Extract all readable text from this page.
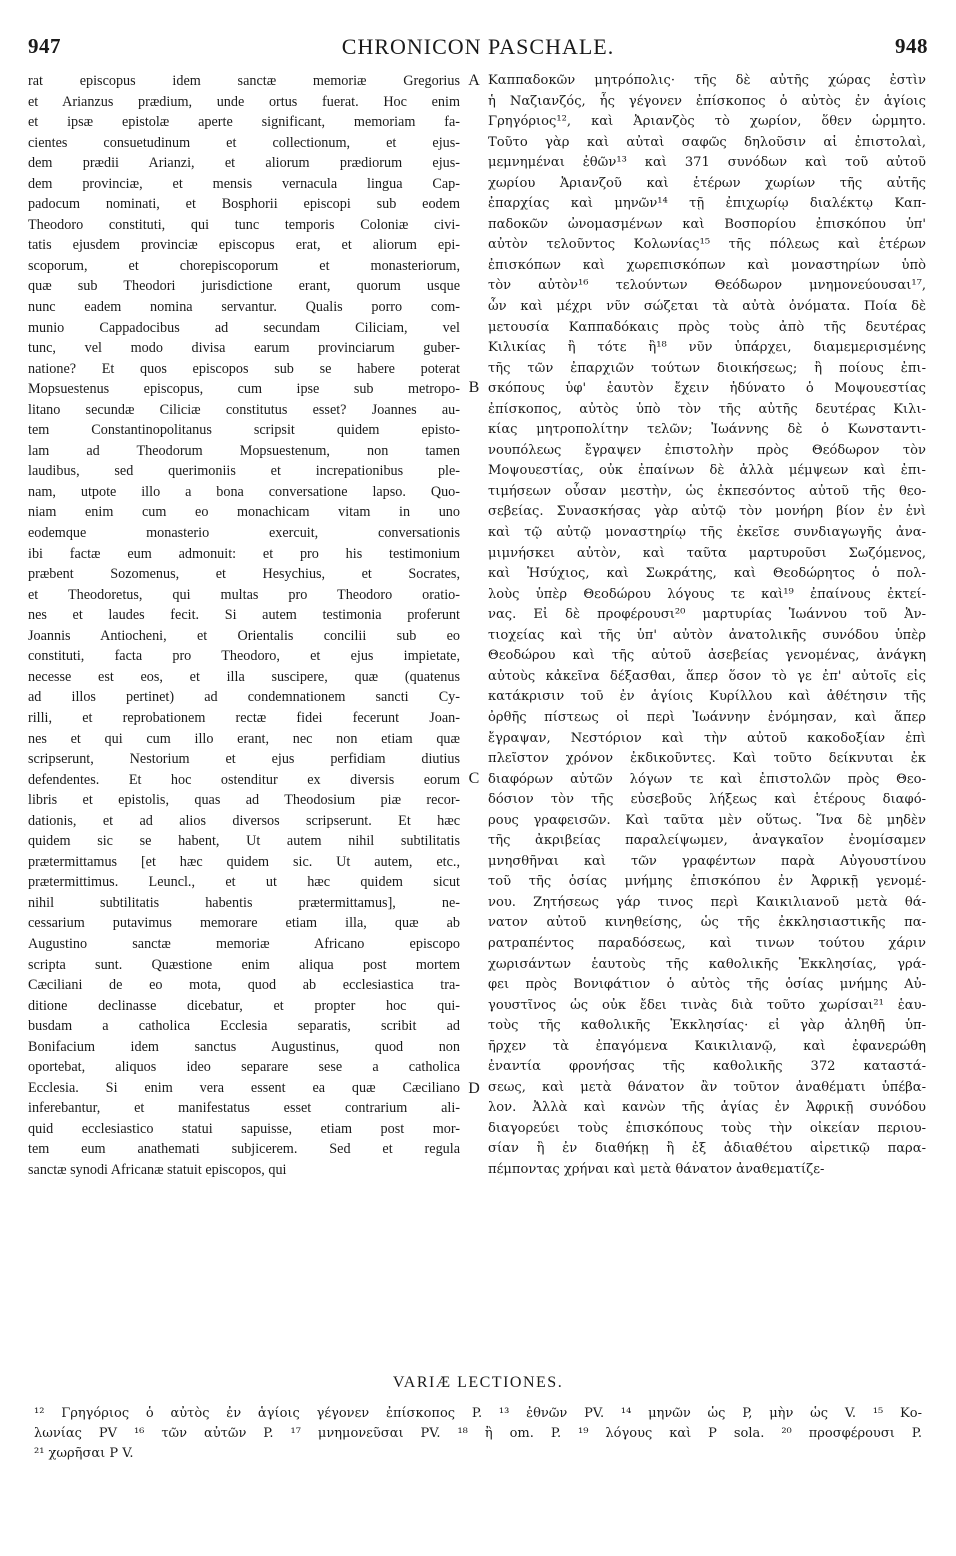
947	CHRONICON PASCHALE.	948
rat episcopus idem sanctæ memoriæ Gregorius
et Arianzus prædium, unde ortus fuerat. Hoc enim
et ipsæ epistolæ aperte significant, memoriam fa-
cientes consuetudinum et collectionum, et ejus-
dem prædii Arianzi, et aliorum prædiorum ejus-
dem provinciæ, et mensis vernacula lingua Cap-
padocum nominati, et Bosphorii episcopi sub eodem
Theodoro constituti, qui tunc temporis Coloniæ civi-
tatis ejusdem provinciæ episcopus erat, et aliorum epi-
scoporum, et chorepiscoporum et monasteriorum,
quæ sub Theodori jurisdictione erant, quorum usque
nunc eadem nomina servantur. Qualis porro com-
munio Cappadocibus ad secundam Ciliciam, vel
tunc, vel modo divisa earum provinciarum guber-
natione? Et quos episcopos sub se habere poterat
Mopsuestenus episcopus, cum ipse sub metropo-
litano secundæ Ciliciæ constitutus esset? Joannes au-
tem Constantinopolitanus scripsit quidem episto-
lam ad Theodorum Mopsuestenum, non tamen
laudibus, sed querimoniis et increpationibus ple-
nam, utpote illo a bona conversatione lapso. Quo-
niam enim cum eo monachicam vitam in uno
eodemque monasterio exercuit, conversationis
ibi factæ eum admonuit: et pro his testimonium
præbent Sozomenus, et Hesychius, et Socrates,
et Theodoretus, qui multas pro Theodoro oratio-
nes et laudes fecit. Si autem testimonia proferunt
Joannis Antiocheni, et Orientalis concilii sub eo
constituti, facta pro Theodoro, et ejus impietate,
necesse est eos, et illa suscipere, quæ (quatenus
ad illos pertinet) ad condemnationem sancti Cy-
rilli, et reprobationem rectæ fidei fecerunt Joan-
nes et qui cum illo erant, nec non etiam quæ
scripserunt, Nestorium et ejus perfidiam diutius
defendentes. Et hoc ostenditur ex diversis eorum
libris et epistolis, quas ad Theodosium piæ recor-
dationis, et ad alios diversos scripserunt. Et hæc
quidem sic se habent, Ut autem nihil subtilitatis
prætermittamus [et hæc quidem sic. Ut autem, etc.,
prætermittimus. Leuncl., et ut hæc quidem sicut
nihil subtilitatis habentis prætermittamus], ne-
cessarium putavimus memorare etiam illa, quæ ab
Augustino sanctæ memoriæ Africano episcopo
scripta sunt. Quæstione enim aliqua post mortem
Cæciliani de eo mota, quod ab ecclesiastica tra-
ditione declinasse dicebatur, et propter hoc qui-
busdam a catholica Ecclesia separatis, scribit ad
Bonifacium idem sanctus Augustinus, quod non
oportebat, aliquos ideo separare sese a catholica
Ecclesia. Si enim vera essent ea quæ Cæciliano
inferebantur, et manifestatus esset contrarium ali-
quid ecclesiastico statui sapuisse, etiam post mor-
tem eum anathemati subjicerem. Sed et regula
sanctæ synodi Africanæ statuit episcopos, qui
Καππαδοκῶν μητρόπολις· τῆς δὲ αὐτῆς χώρας ἐστὶν
ἡ Ναζιανζός, ἧς γέγονεν ἐπίσκοπος ὁ αὐτὸς ἐν ἁγίοις
Γρηγόριος¹², καὶ Ἀριανζὸς τὸ χωρίον, ὅθεν ὡρμητο.
Τοῦτο γὰρ καὶ αὐταὶ σαφῶς δηλοῦσιν αἱ ἐπιστολαὶ,
μεμνημέναι ἐθῶν¹³ καὶ 371 συνόδων καὶ τοῦ αὐτοῦ
χωρίου Ἀριανζοῦ καὶ ἑτέρων χωρίων τῆς αὐτῆς
ἐπαρχίας καὶ μηνῶν¹⁴ τῇ ἐπιχωρίῳ διαλέκτῳ Καπ-
παδοκῶν ὠνομασμένων καὶ Βοσπορίου ἐπισκόπου ὑπ'
αὐτὸν τελοῦντος Κολωνίας¹⁵ τῆς πόλεως καὶ ἑτέρων
ἐπισκόπων καὶ χωρεπισκόπων καὶ μοναστηρίων ὑπὸ
τὸν αὐτὸν¹⁶ τελούντων Θεόδωρον μνημονεύουσαι¹⁷,
ὧν καὶ μέχρι νῦν σώζεται τὰ αὐτὰ ὀνόματα. Ποία δὲ
μετουσία Καππαδόκαις πρὸς τοὺς ἀπὸ τῆς δευτέρας
Κιλικίας ἢ τότε ἢ¹⁸ νῦν ὑπάρχει, διαμεμερισμένης
τῆς τῶν ἐπαρχιῶν τούτων διοικήσεως; ἢ ποίους ἐπι-
σκόπους ὑφ' ἑαυτὸν ἔχειν ἠδύνατο ὁ Μοψουεστίας
ἐπίσκοπος, αὐτὸς ὑπὸ τὸν τῆς αὐτῆς δευτέρας Κιλι-
κίας μητροπολίτην τελῶν; Ἰωάννης δὲ ὁ Κωνσταντι-
νουπόλεως ἔγραψεν ἐπιστολὴν πρὸς Θεόδωρον τὸν
Μοψουεστίας, οὐκ ἐπαίνων δὲ ἀλλὰ μέμψεων καὶ ἐπι-
τιμήσεων οὖσαν μεστὴν, ὡς ἐκπεσόντος αὐτοῦ τῆς θεο-
σεβείας. Συνασκήσας γὰρ αὐτῷ τὸν μονήρη βίον ἐν ἑνὶ
καὶ τῷ αὐτῷ μοναστηρίῳ τῆς ἐκεῖσε συνδιαγωγῆς ἀνα-
μιμνήσκει αὐτὸν, καὶ ταῦτα μαρτυροῦσι Σωζόμενος,
καὶ Ἡσύχιος, καὶ Σωκράτης, καὶ Θεοδώρητος ὁ πολ-
λοὺς ὑπὲρ Θεοδώρου λόγους τε καὶ¹⁹ ἐπαίνους ἐκτεί-
νας. Εἰ δὲ προφέρουσι²⁰ μαρτυρίας Ἰωάννου τοῦ Ἀν-
τιοχείας καὶ τῆς ὑπ' αὐτὸν ἀνατολικῆς συνόδου ὑπὲρ
Θεοδώρου καὶ τῆς αὐτοῦ ἀσεβείας γενομένας, ἀνάγκη
αὐτοὺς κἀκεῖνα δέξασθαι, ἅπερ ὅσον τὸ γε ἐπ' αὐτοῖς εἰς
κατάκρισιν τοῦ ἐν ἁγίοις Κυρίλλου καὶ ἀθέτησιν τῆς
ὀρθῆς πίστεως οἱ περὶ Ἰωάννην ἐνόμησαν, καὶ ἅπερ
ἔγραψαν, Νεστόριον καὶ τὴν αὐτοῦ κακοδοξίαν ἐπὶ
πλεῖστον χρόνον ἐκδικοῦντες. Καὶ τοῦτο δείκνυται ἐκ
διαφόρων αὐτῶν λόγων τε καὶ ἐπιστολῶν πρὸς Θεο-
δόσιον τὸν τῆς εὐσεβοῦς λήξεως καὶ ἑτέρους διαφό-
ρους γραφεισῶν. Καὶ ταῦτα μὲν οὕτως. Ἵνα δὲ μηδὲν
τῆς ἀκριβείας παραλείψωμεν, ἀναγκαῖον ἐνομίσαμεν
μνησθῆναι καὶ τῶν γραφέντων παρὰ Αὐγουστίνου
τοῦ τῆς ὁσίας μνήμης ἐπισκόπου ἐν Ἀφρικῇ γενομέ-
νου. Ζητήσεως γάρ τινος περὶ Καικιλιανοῦ μετὰ θά-
νατον αὐτοῦ κινηθείσης, ὡς τῆς ἐκκλησιαστικῆς πα-
ρατραπέντος παραδόσεως, καὶ τινων τούτου χάριν
χωρισάντων ἑαυτοὺς τῆς καθολικῆς Ἐκκλησίας, γρά-
φει πρὸς Βονιφάτιον ὁ αὐτὸς τῆς ὁσίας μνήμης Αὐ-
γουστῖνος ὡς οὐκ ἔδει τινὰς διὰ τοῦτο χωρίσαι²¹ ἑαυ-
τοὺς τῆς καθολικῆς Ἐκκλησίας· εἰ γὰρ ἀληθῆ ὑπ-
ῆρχεν τὰ ἐπαγόμενα Καικιλιανῷ, καὶ ἐφανερώθη
ἐναντία φρονήσας τῆς καθολικῆς 372 καταστά-
σεως, καὶ μετὰ θάνατον ἂν τοῦτον ἀναθέματι ὑπέβα-
λον. Ἀλλὰ καὶ κανὼν τῆς ἁγίας ἐν Ἀφρικῇ συνόδου
διαγορεύει τοὺς ἐπισκόπους τοὺς τὴν οἰκείαν περιου-
σίαν ἢ ἐν διαθήκῃ ἢ ἐξ ἀδιαθέτου αἱρετικῷ παρα-
πέμποντας χρήναι καὶ μετὰ θάνατον ἀναθεματίζε-
A
B
C
D
VARIÆ LECTIONES.
¹² Γρηγόριος ὁ αὐτὸς ἐν ἁγίοις γέγονεν ἐπίσκοπος P. ¹³ ἐθνῶν PV. ¹⁴ μηνῶν ὡς P, μὴν ὡς V. ¹⁵ Κο-
λωνίας PV ¹⁶ τῶν αὐτῶν P. ¹⁷ μνημονεῦσαι PV. ¹⁸ ἢ om. P. ¹⁹ λόγους καὶ P sola. ²⁰ προσφέρουσι P.
²¹ χωρῆσαι P V.
